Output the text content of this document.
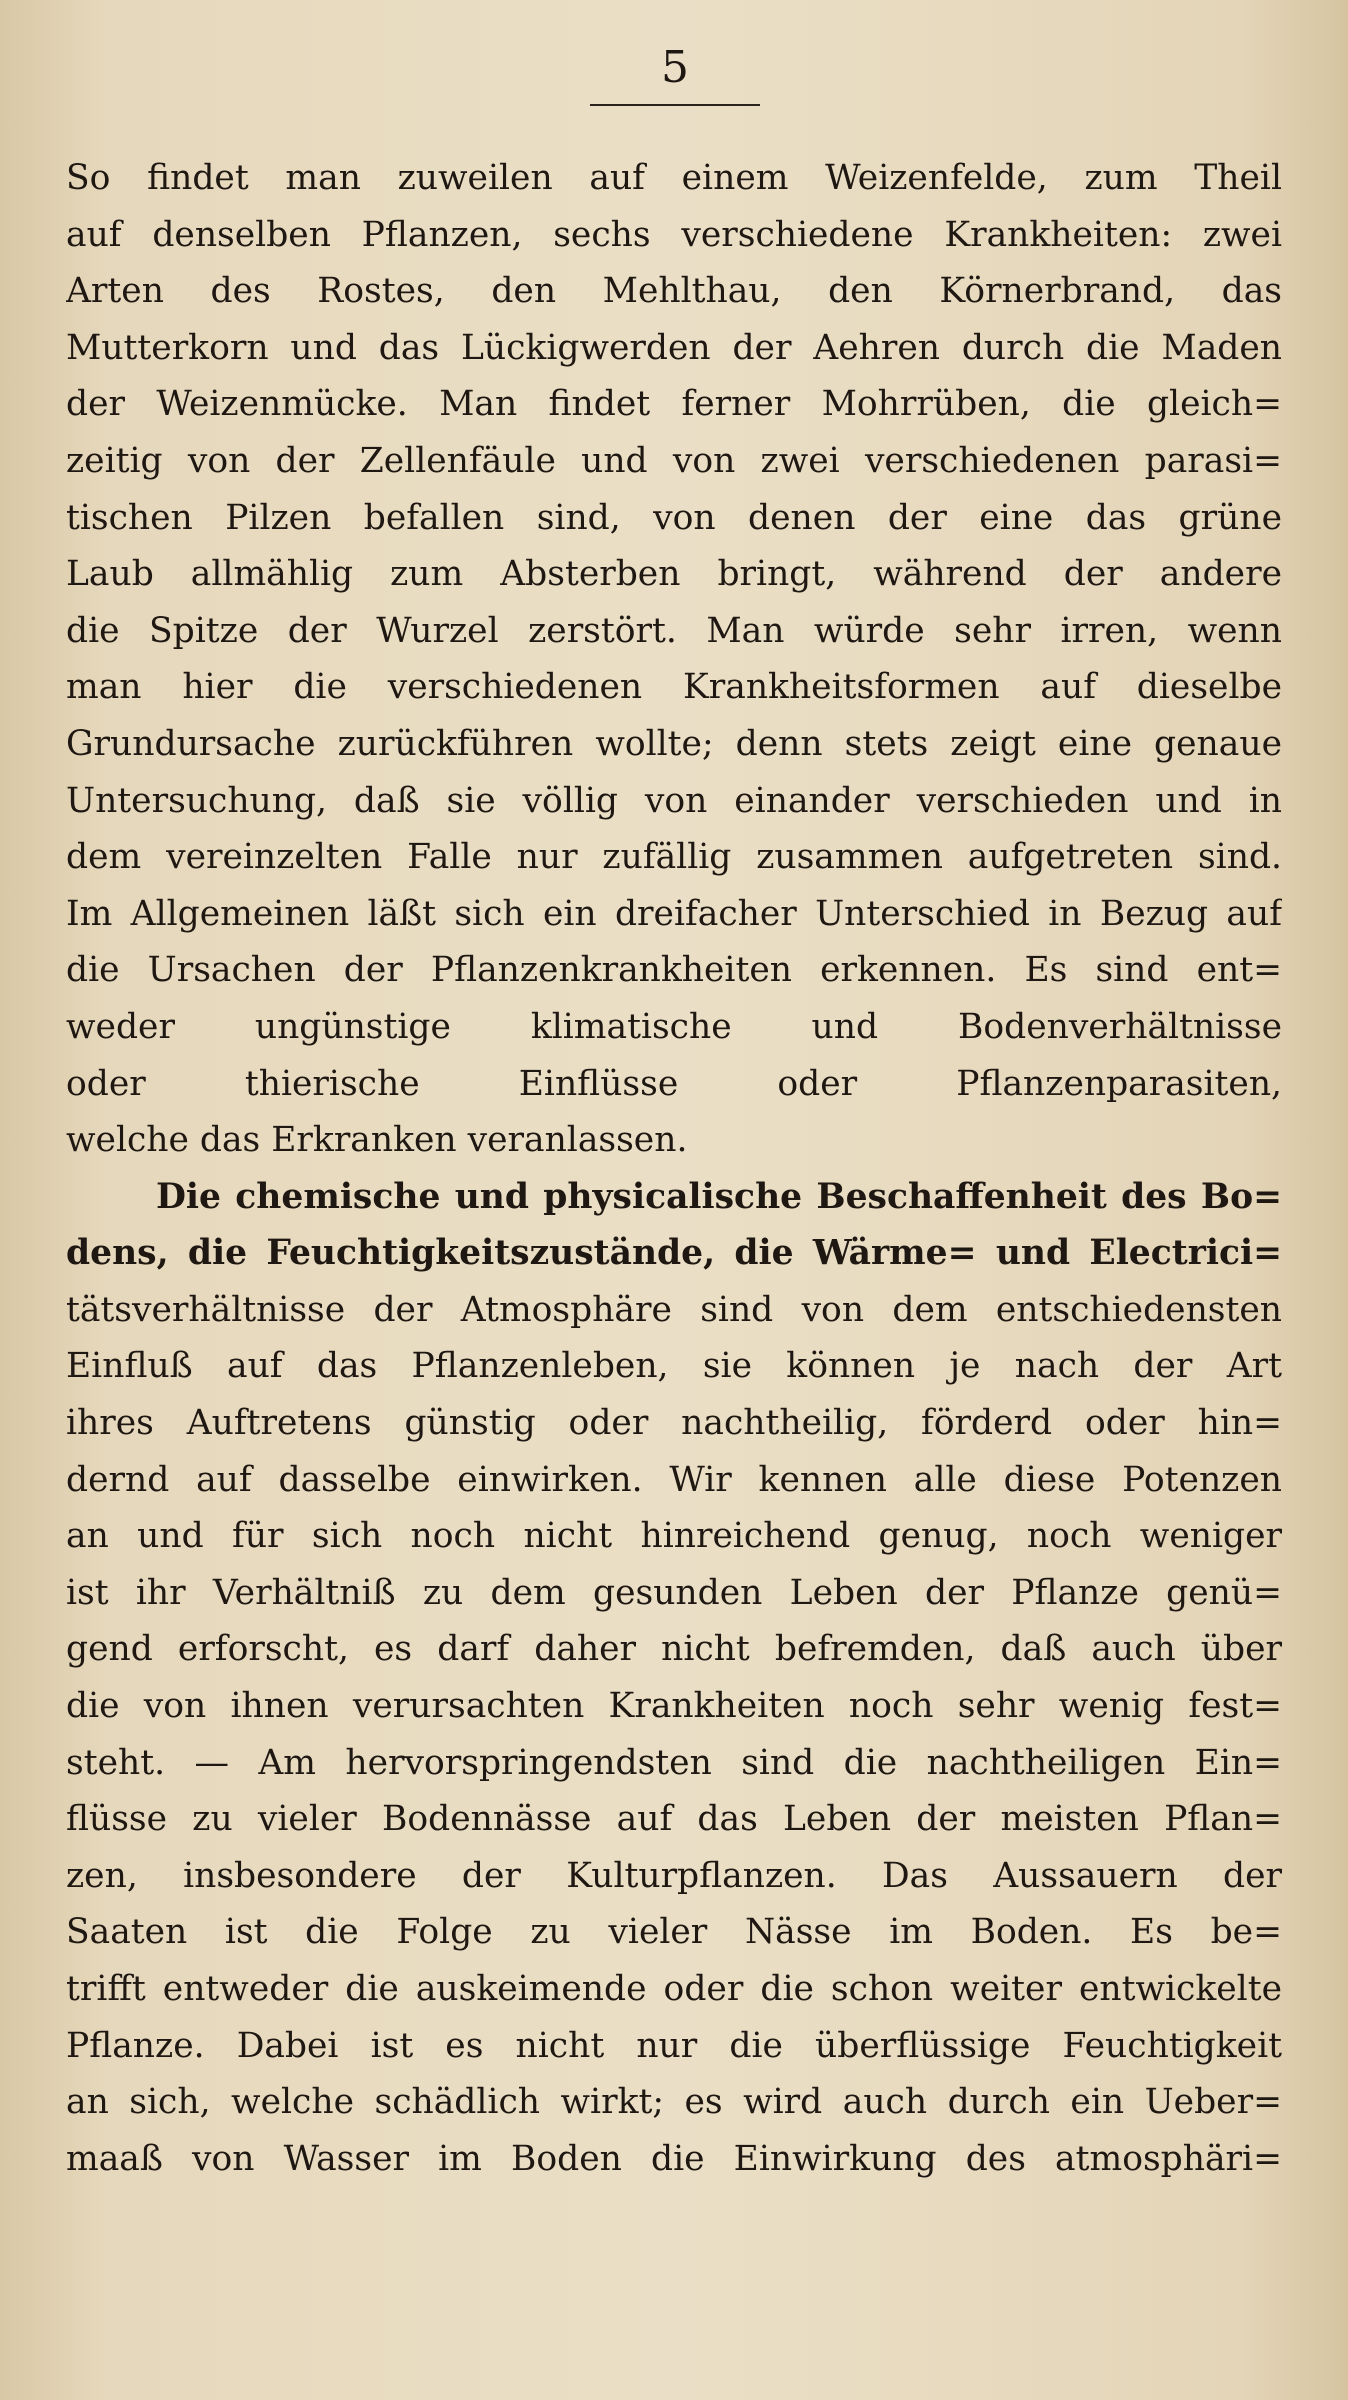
5
So findet man zuweilen auf einem Weizenfelde, zum Theil
auf denselben Pflanzen, sechs verschiedene Krankheiten: zwei
Arten des Rostes, den Mehlthau, den Körnerbrand, das
Mutterkorn und das Lückigwerden der Aehren durch die Maden
der Weizenmücke. Man findet ferner Mohrrüben, die gleich=
zeitig von der Zellenfäule und von zwei verschiedenen parasi=
tischen Pilzen befallen sind, von denen der eine das grüne
Laub allmählig zum Absterben bringt, während der andere
die Spitze der Wurzel zerstört. Man würde sehr irren, wenn
man hier die verschiedenen Krankheitsformen auf dieselbe
Grundursache zurückführen wollte; denn stets zeigt eine genaue
Untersuchung, daß sie völlig von einander verschieden und in
dem vereinzelten Falle nur zufällig zusammen aufgetreten sind.
Im Allgemeinen läßt sich ein dreifacher Unterschied in Bezug auf
die Ursachen der Pflanzenkrankheiten erkennen. Es sind ent=
weder ungünstige klimatische und Bodenverhältnisse
oder thierische Einflüsse oder Pflanzenparasiten,
welche das Erkranken veranlassen.
Die chemische und physicalische Beschaffenheit des Bo=
dens, die Feuchtigkeitszustände, die Wärme= und Electrici=
tätsverhältnisse der Atmosphäre sind von dem entschiedensten
Einfluß auf das Pflanzenleben, sie können je nach der Art
ihres Auftretens günstig oder nachtheilig, förderd oder hin=
dernd auf dasselbe einwirken. Wir kennen alle diese Potenzen
an und für sich noch nicht hinreichend genug, noch weniger
ist ihr Verhältniß zu dem gesunden Leben der Pflanze genü=
gend erforscht, es darf daher nicht befremden, daß auch über
die von ihnen verursachten Krankheiten noch sehr wenig fest=
steht. — Am hervorspringendsten sind die nachtheiligen Ein=
flüsse zu vieler Bodennässe auf das Leben der meisten Pflan=
zen, insbesondere der Kulturpflanzen. Das Aussauern der
Saaten ist die Folge zu vieler Nässe im Boden. Es be=
trifft entweder die auskeimende oder die schon weiter entwickelte
Pflanze. Dabei ist es nicht nur die überflüssige Feuchtigkeit
an sich, welche schädlich wirkt; es wird auch durch ein Ueber=
maaß von Wasser im Boden die Einwirkung des atmosphäri=
